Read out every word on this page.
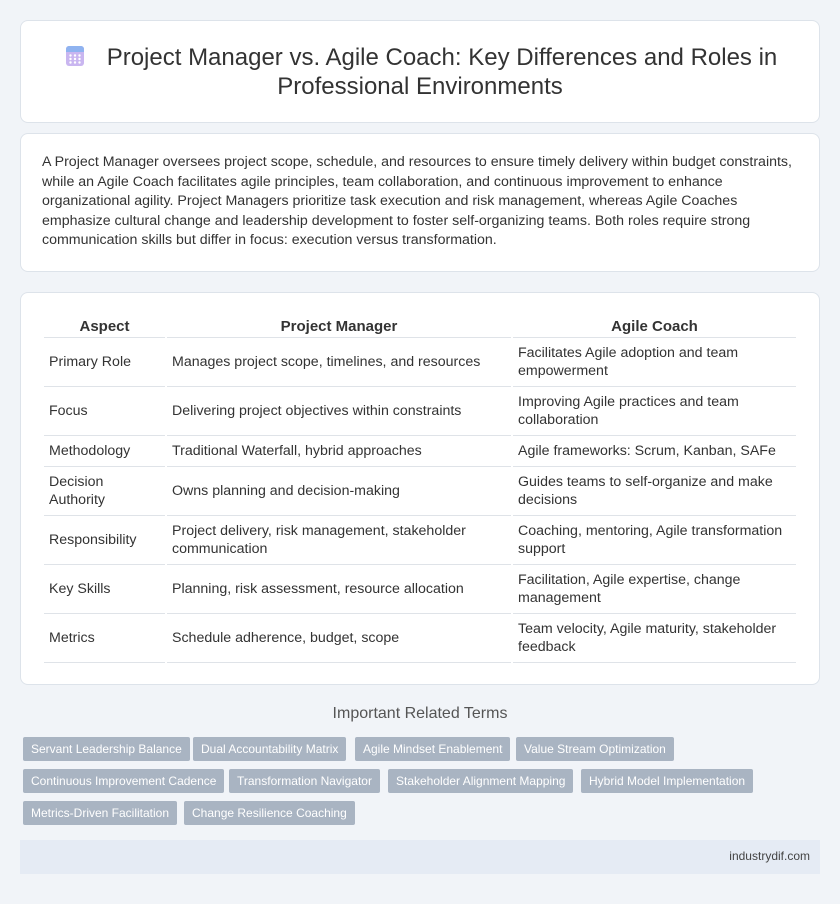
Project Manager vs. Agile Coach: Key Differences and Roles in Professional Environments

A Project Manager oversees project scope, schedule, and resources to ensure timely delivery within budget constraints, while an Agile Coach facilitates agile principles, team collaboration, and continuous improvement to enhance organizational agility. Project Managers prioritize task execution and risk management, whereas Agile Coaches emphasize cultural change and leadership development to foster self-organizing teams. Both roles require strong communication skills but differ in focus: execution versus transformation.

Aspect	Project Manager	Agile Coach
Primary Role	Manages project scope, timelines, and resources	Facilitates Agile adoption and team empowerment
Focus	Delivering project objectives within constraints	Improving Agile practices and team collaboration
Methodology	Traditional Waterfall, hybrid approaches	Agile frameworks: Scrum, Kanban, SAFe
Decision Authority	Owns planning and decision-making	Guides teams to self-organize and make decisions
Responsibility	Project delivery, risk management, stakeholder communication	Coaching, mentoring, Agile transformation support
Key Skills	Planning, risk assessment, resource allocation	Facilitation, Agile expertise, change management
Metrics	Schedule adherence, budget, scope	Team velocity, Agile maturity, stakeholder feedback
Important Related Terms
Servant Leadership Balance	Dual Accountability Matrix	Agile Mindset Enablement	Value Stream Optimization
Continuous Improvement Cadence	Transformation Navigator	Stakeholder Alignment Mapping	Hybrid Model Implementation
Metrics-Driven Facilitation	Change Resilience Coaching
industrydif.com
